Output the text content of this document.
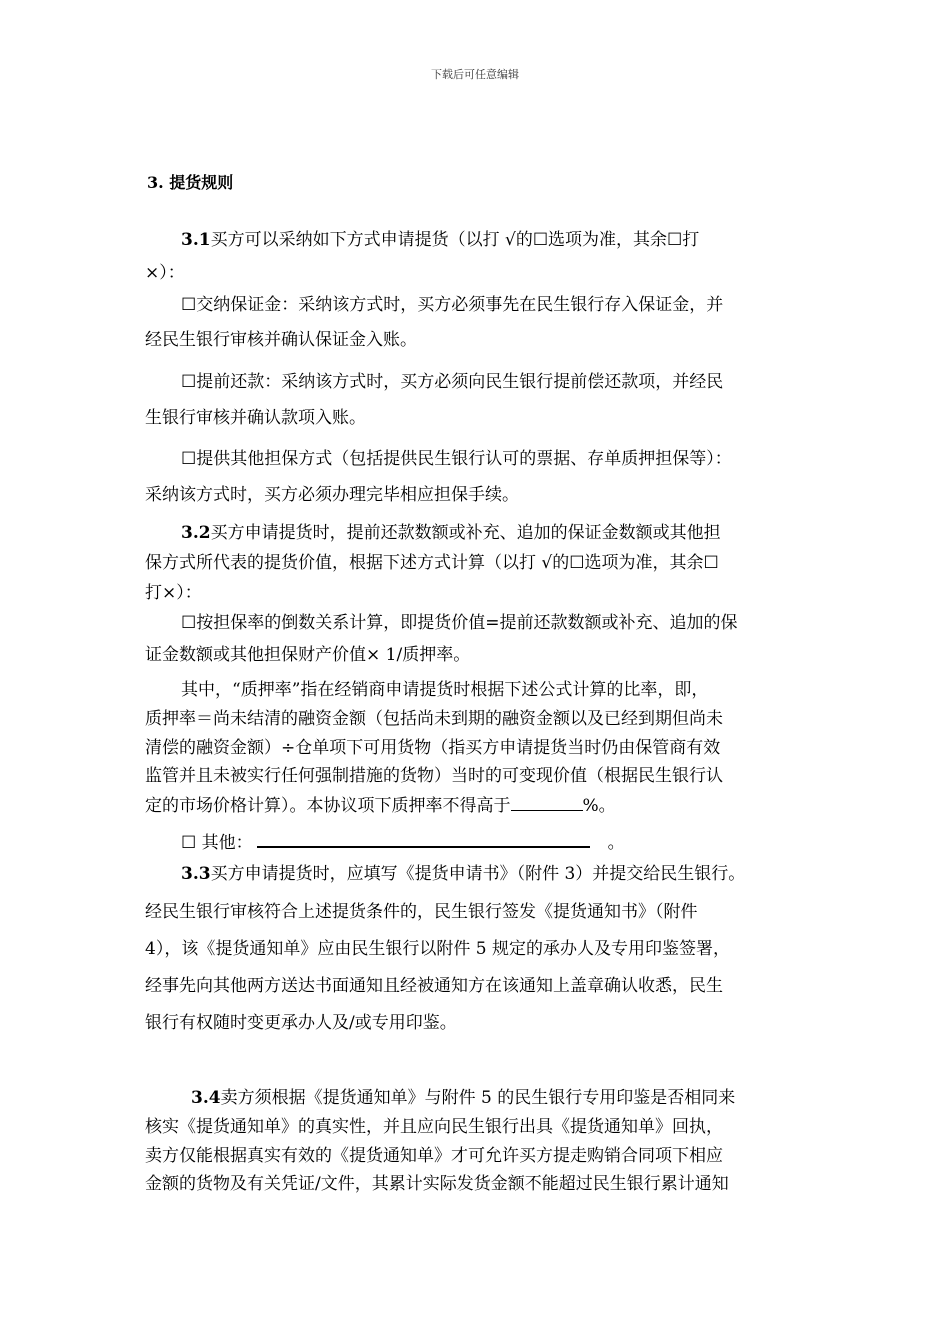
下载后可任意编辑
3. 提货规则
3.1买方可以采纳如下方式申请提货（以打 √的☐选项为准，其余☐打
×）：
☐交纳保证金：采纳该方式时，买方必须事先在民生银行存入保证金，并
经民生银行审核并确认保证金入账。
☐提前还款：采纳该方式时，买方必须向民生银行提前偿还款项，并经民
生银行审核并确认款项入账。
☐提供其他担保方式（包括提供民生银行认可的票据、存单质押担保等）：
采纳该方式时，买方必须办理完毕相应担保手续。
3.2买方申请提货时，提前还款数额或补充、追加的保证金数额或其他担
保方式所代表的提货价值，根据下述方式计算（以打 √的☐选项为准，其余☐
打×）：
☐按担保率的倒数关系计算，即提货价值=提前还款数额或补充、追加的保
证金数额或其他担保财产价值× 1/质押率。
其中，“质押率”指在经销商申请提货时根据下述公式计算的比率，即，
质押率＝尚未结清的融资金额（包括尚未到期的融资金额以及已经到期但尚未
清偿的融资金额）÷仓单项下可用货物（指买方申请提货当时仍由保管商有效
监管并且未被实行任何强制措施的货物）当时的可变现价值（根据民生银行认
定的市场价格计算）。本协议项下质押率不得高于	%。
☐ 其他：	。
3.3买方申请提货时，应填写《提货申请书》（附件 3）并提交给民生银行。
经民生银行审核符合上述提货条件的，民生银行签发《提货通知书》（附件
4），该《提货通知单》应由民生银行以附件 5 规定的承办人及专用印鉴签署，
经事先向其他两方送达书面通知且经被通知方在该通知上盖章确认收悉，民生
银行有权随时变更承办人及/或专用印鉴。
3.4卖方须根据《提货通知单》与附件 5 的民生银行专用印鉴是否相同来
核实《提货通知单》的真实性，并且应向民生银行出具《提货通知单》回执，
卖方仅能根据真实有效的《提货通知单》才可允许买方提走购销合同项下相应
金额的货物及有关凭证/文件，其累计实际发货金额不能超过民生银行累计通知
